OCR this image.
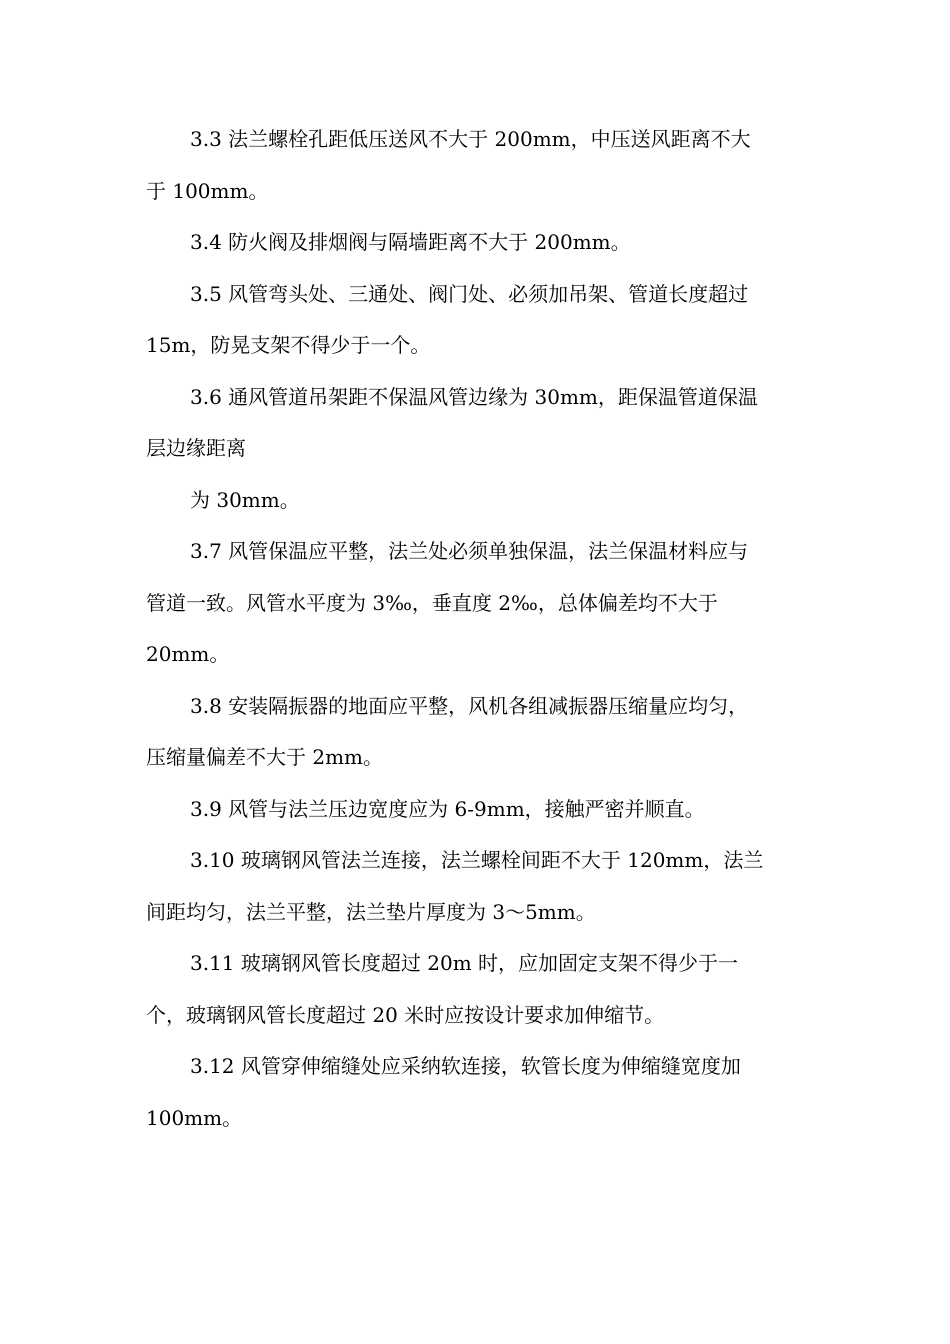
3.3 法兰螺栓孔距低压送风不大于 200mm，中压送风距离不大
于 100mm。
3.4 防火阀及排烟阀与隔墙距离不大于 200mm。
3.5 风管弯头处、三通处、阀门处、必须加吊架、管道长度超过
15m，防晃支架不得少于一个。
3.6 通风管道吊架距不保温风管边缘为 30mm，距保温管道保温
层边缘距离
为 30mm。
3.7 风管保温应平整，法兰处必须单独保温，法兰保温材料应与
管道一致。风管水平度为 3‰，垂直度 2‰，总体偏差均不大于
20mm。
3.8 安装隔振器的地面应平整，风机各组减振器压缩量应均匀，
压缩量偏差不大于 2mm。
3.9 风管与法兰压边宽度应为 6-9mm，接触严密并顺直。
3.10 玻璃钢风管法兰连接，法兰螺栓间距不大于 120mm，法兰
间距均匀，法兰平整，法兰垫片厚度为 3～5mm。
3.11 玻璃钢风管长度超过 20m 时，应加固定支架不得少于一
个，玻璃钢风管长度超过 20 米时应按设计要求加伸缩节。
3.12 风管穿伸缩缝处应采纳软连接，软管长度为伸缩缝宽度加
100mm。
